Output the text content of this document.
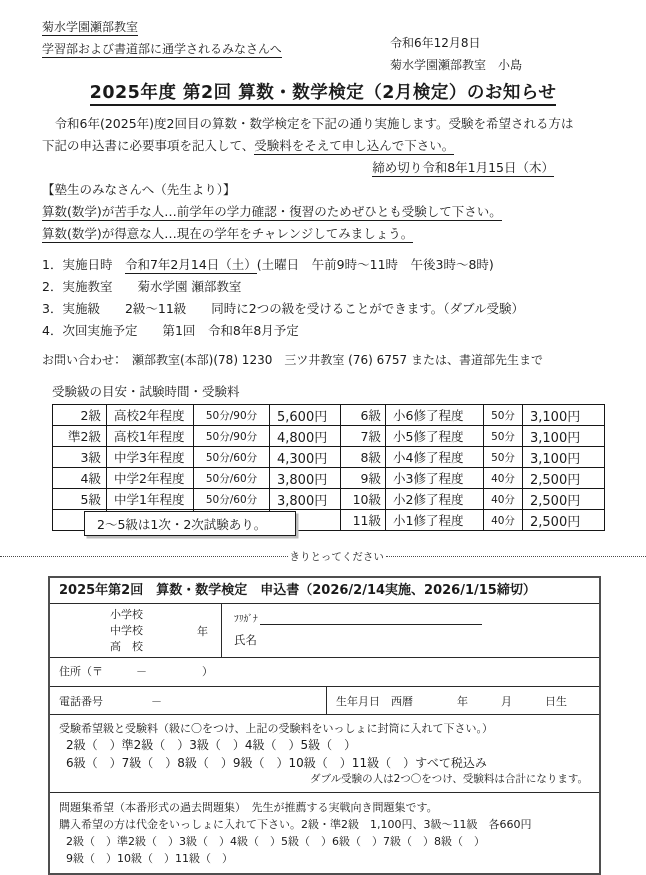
菊水学園瀬部教室
学習部および書道部に通学されるみなさんへ	令和6年12月8日
菊水学園瀬部教室　小島
2025年度 第2回 算数・数学検定（2月検定）のお知らせ
　令和6年(2025年)度2回目の算数・数学検定を下記の通り実施します。受験を希望される方は
下記の申込書に必要事項を記入して、受験料をそえて申し込んで下さい。
締め切り令和8年1月15日（木）
【塾生のみなさんへ（先生より）】
算数(数学)が苦手な人…前学年の学力確認・復習のためぜひとも受験して下さい。
算数(数学)が得意な人…現在の学年をチャレンジしてみましょう。
1．実施日時　令和7年2月14日（土）(土曜日　午前9時～11時　午後3時～8時)
2．実施教室　　菊水学園 瀬部教室
3．実施級　　2級～11級　　同時に2つの級を受けることができます。（ダブル受験）
4．次回実施予定　　第1回　令和8年8月予定
お問い合わせ：　瀬部教室(本部)(78) 1230　三ツ井教室 (76) 6757 または、書道部先生まで
受験級の目安・試験時間・受験料
2級	高校2年程度	50分/90分	5,600円	6級	小6修了程度	50分	3,100円
準2級	高校1年程度	50分/90分	4,800円	7級	小5修了程度	50分	3,100円
3級	中学3年程度	50分/60分	4,300円	8級	小4修了程度	50分	3,100円
4級	中学2年程度	50分/60分	3,800円	9級	小3修了程度	40分	2,500円
5級	中学1年程度	50分/60分	3,800円	10級	小2修了程度	40分	2,500円
				11級	小1修了程度	40分	2,500円
2～5級は1次・2次試験あり。
きりとってください
2025年第2回　算数・数学検定　申込書（2026/2/14実施、2026/1/15締切）
小学校
中学校
高　校
年
ﾌﾘｶﾞﾅ
氏名
住所（〒　　　－　　　　　）
電話番号	－	生年月日　西暦　　　　年　　　月　　　日生
受験希望級と受験料（級に〇をつけ、上記の受験料をいっしょに封筒に入れて下さい。）
2級（　）準2級（　）3級（　）4級（　）5級（　）
6級（　）7級（　）8級（　）9級（　）10級（　）11級（　）すべて税込み
ダブル受験の人は2つ〇をつけ、受験料は合計になります。
問題集希望（本番形式の過去問題集）　先生が推薦する実戦向き問題集です。
購入希望の方は代金をいっしょに入れて下さい。2級・準2級　1,100円、3級～11級　各660円
2級（　）準2級（　）3級（　）4級（　）5級（　）6級（　）7級（　）8級（　）
9級（　）10級（　）11級（　）
